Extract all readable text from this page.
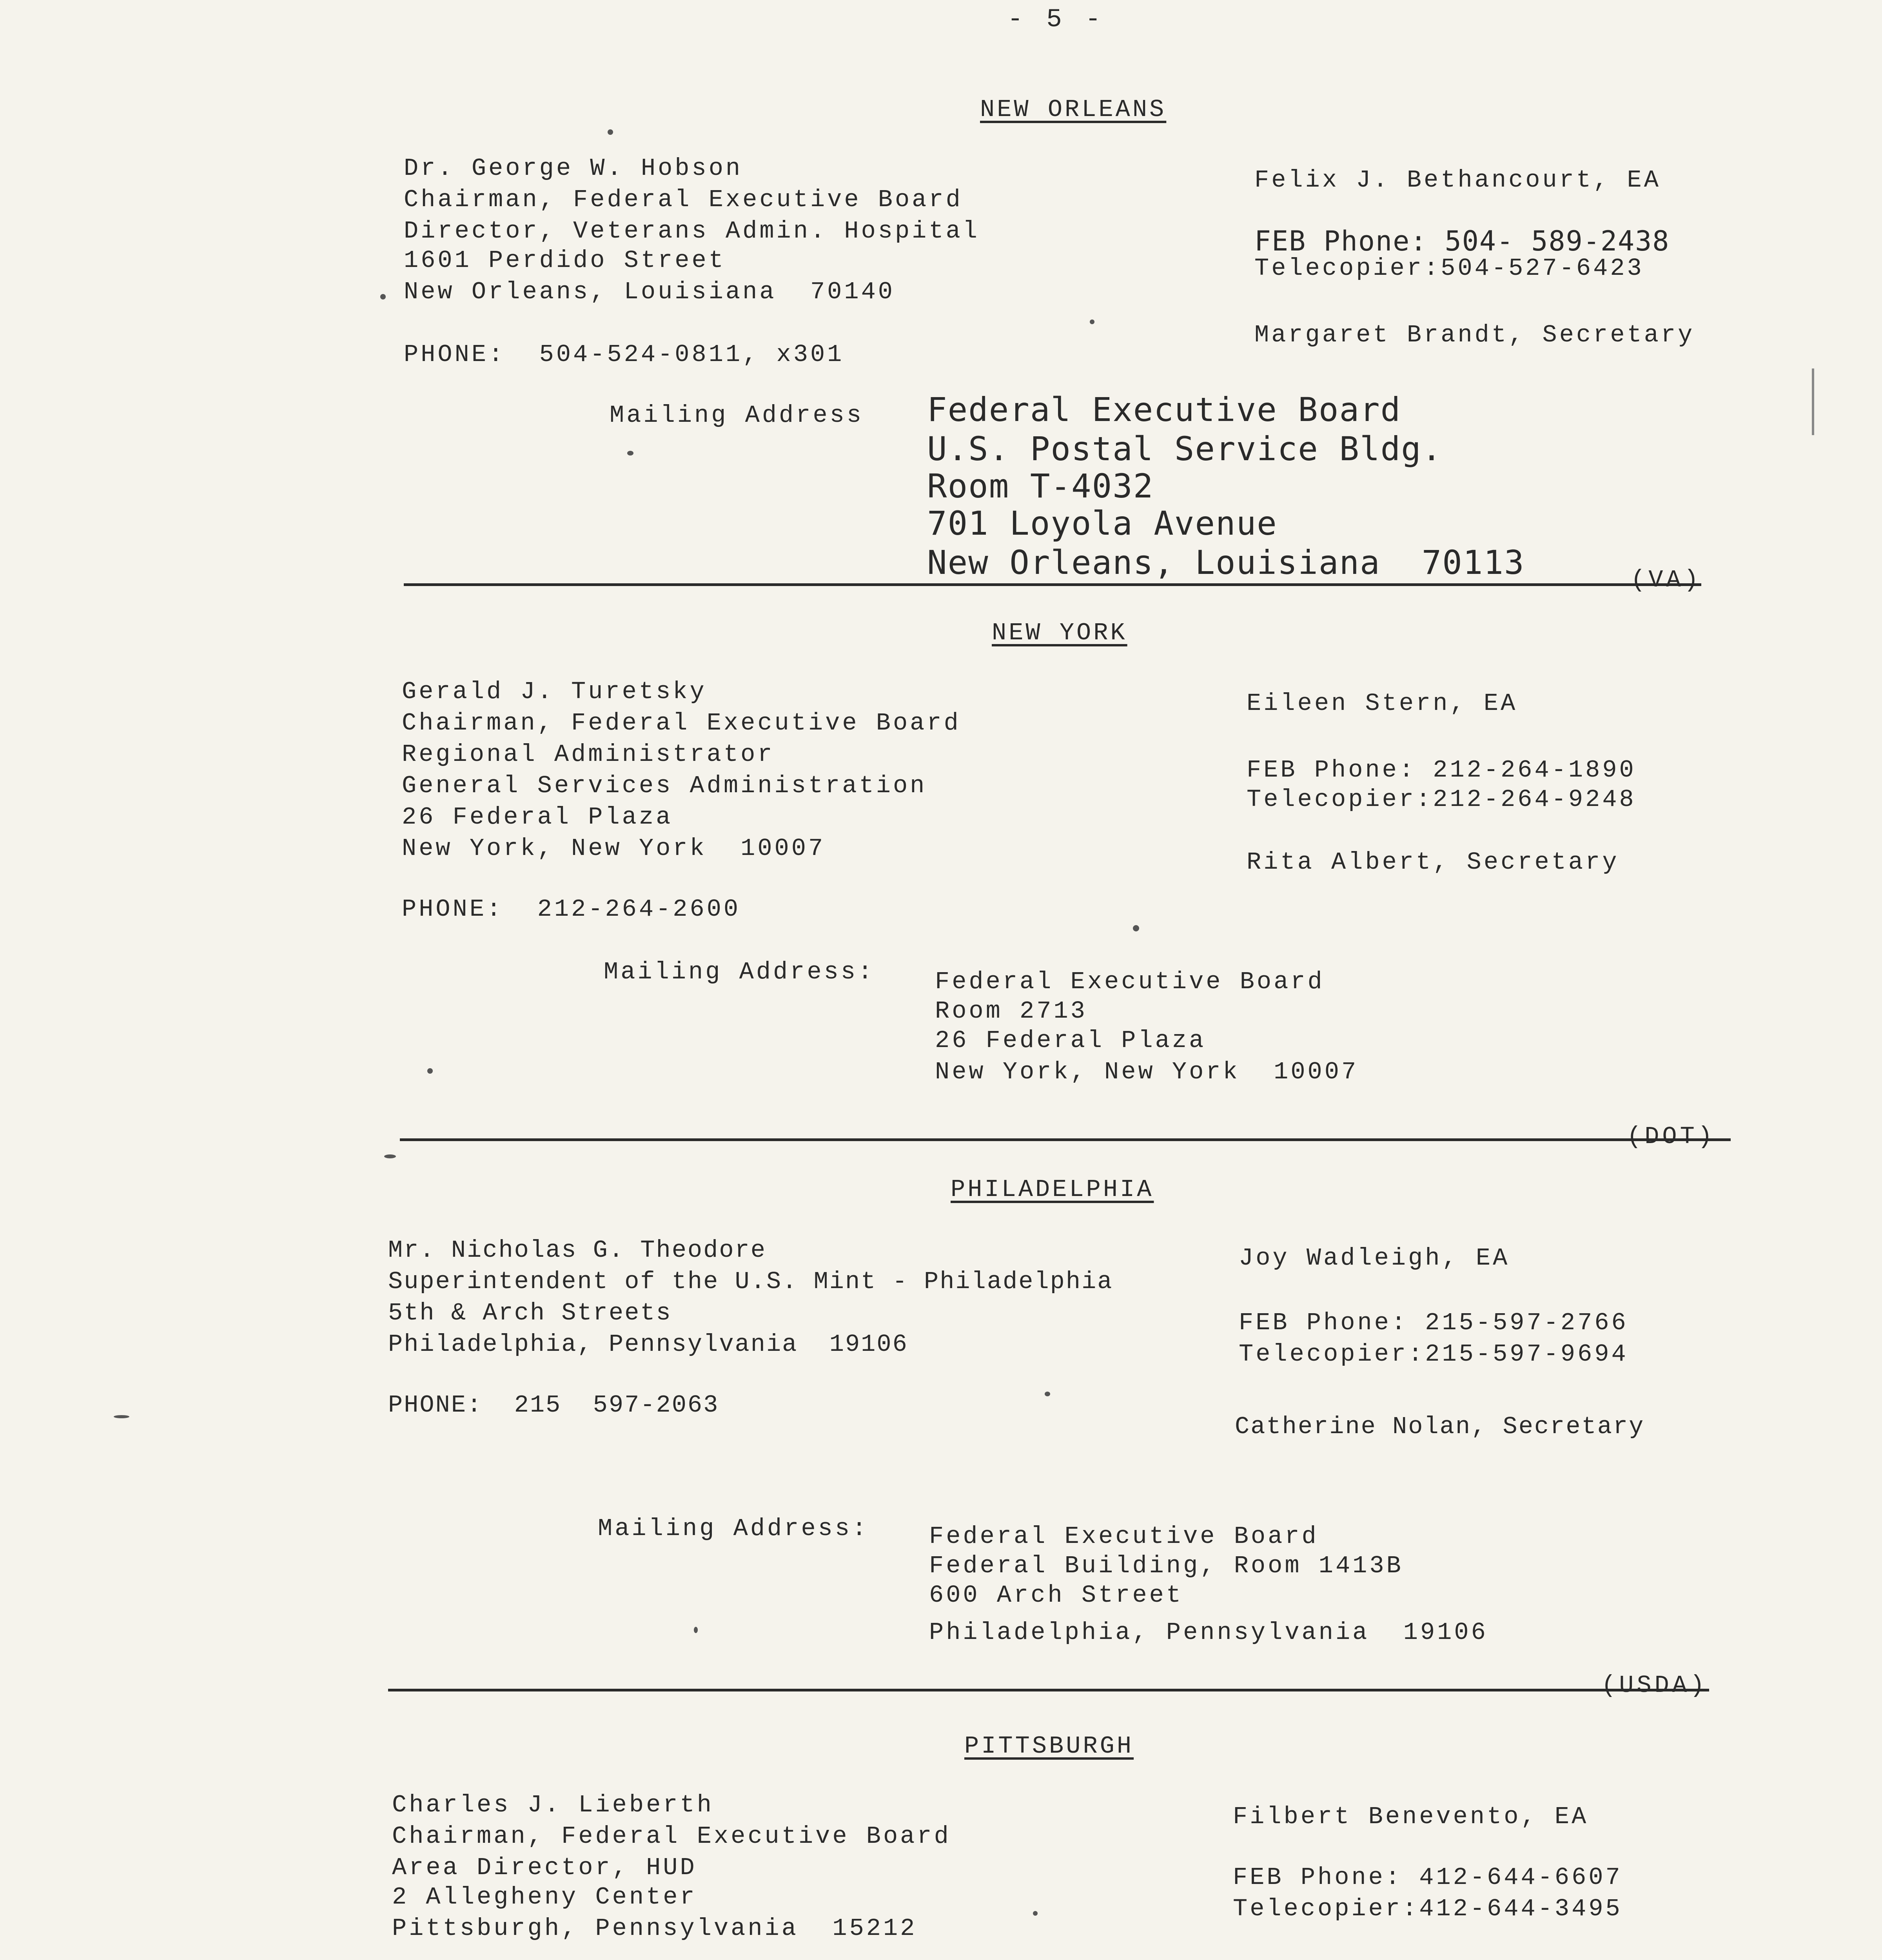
- 5 -
NEW ORLEANS
Dr. George W. Hobson
Chairman, Federal Executive Board
Director, Veterans Admin. Hospital
1601 Perdido Street
New Orleans, Louisiana  70140
PHONE:  504-524-0811, x301
Felix J. Bethancourt, EA
FEB Phone: 504- 589-2438
Telecopier:504-527-6423
Margaret Brandt, Secretary
Mailing Address Federal Executive Board
U.S. Postal Service Bldg.
Room T-4032
701 Loyola Avenue
New Orleans, Louisiana  70113	(VA)
NEW YORK
Gerald J. Turetsky
Chairman, Federal Executive Board
Regional Administrator
General Services Administration
26 Federal Plaza
New York, New York  10007
PHONE:  212-264-2600
Eileen Stern, EA
FEB Phone: 212-264-1890
Telecopier:212-264-9248
Rita Albert, Secretary
Mailing Address: Federal Executive Board
Room 2713
26 Federal Plaza
New York, New York  10007
(DOT)
PHILADELPHIA
Mr. Nicholas G. Theodore
Superintendent of the U.S. Mint - Philadelphia
5th & Arch Streets
Philadelphia, Pennsylvania  19106
PHONE:  215  597-2063
Joy Wadleigh, EA
FEB Phone: 215-597-2766
Telecopier:215-597-9694
Catherine Nolan, Secretary
Mailing Address: Federal Executive Board
Federal Building, Room 1413B
600 Arch Street
Philadelphia, Pennsylvania  19106
(USDA)
PITTSBURGH
Charles J. Lieberth
Chairman, Federal Executive Board
Area Director, HUD
2 Allegheny Center
Pittsburgh, Pennsylvania  15212
Filbert Benevento, EA
FEB Phone: 412-644-6607
Telecopier:412-644-3495
